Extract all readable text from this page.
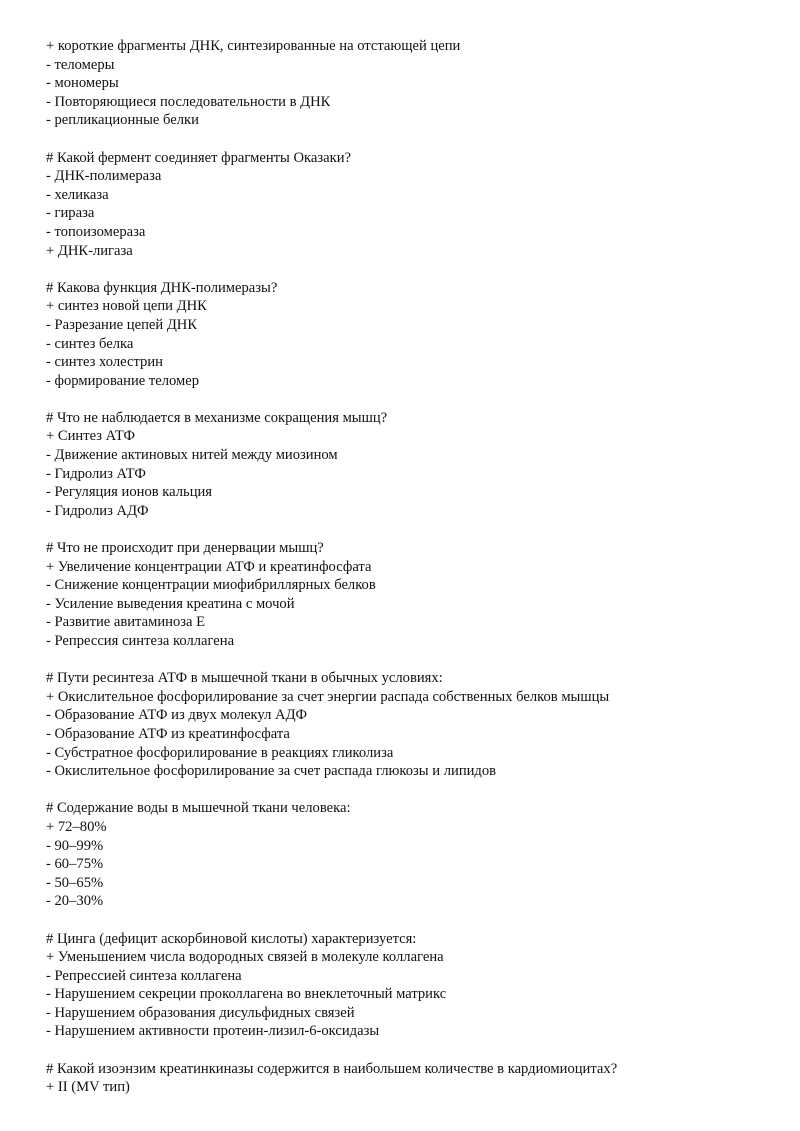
+ короткие фрагменты ДНК, синтезированные на отстающей цепи
- теломеры
- мономеры
- Повторяющиеся последовательности в ДНК
- репликационные белки
# Какой фермент соединяет фрагменты Оказаки?
- ДНК-полимераза
- хеликаза
- гираза
- топоизомераза
+ ДНК-лигаза
# Какова функция ДНК-полимеразы?
+ синтез новой цепи ДНК
- Разрезание цепей ДНК
- синтез белка
- синтез холестрин
- формирование теломер
# Что не наблюдается в механизме сокращения мышц?
+ Синтез АТФ
- Движение актиновых нитей между миозином
- Гидролиз АТФ
- Регуляция ионов кальция
- Гидролиз АДФ
# Что не происходит при денервации мышц?
+ Увеличение концентрации АТФ и креатинфосфата
- Снижение концентрации миофибриллярных белков
- Усиление выведения креатина с мочой
- Развитие авитаминоза Е
- Репрессия синтеза коллагена
# Пути ресинтеза АТФ в мышечной ткани в обычных условиях:
+ Окислительное фосфорилирование за счет энергии распада собственных белков мышцы
- Образование АТФ из двух молекул АДФ
- Образование АТФ из креатинфосфата
- Субстратное фосфорилирование в реакциях гликолиза
- Окислительное фосфорилирование за счет распада глюкозы и липидов
# Содержание воды в мышечной ткани человека:
+ 72–80%
- 90–99%
- 60–75%
- 50–65%
- 20–30%
# Цинга (дефицит аскорбиновой кислоты) характеризуется:
+ Уменьшением числа водородных связей в молекуле коллагена
- Репрессией синтеза коллагена
- Нарушением секреции проколлагена во внеклеточный матрикс
- Нарушением образования дисульфидных связей
- Нарушением активности протеин-лизил-6-оксидазы
# Какой изоэнзим креатинкиназы содержится в наибольшем количестве в кардиомиоцитах?
+ II (MV тип)
